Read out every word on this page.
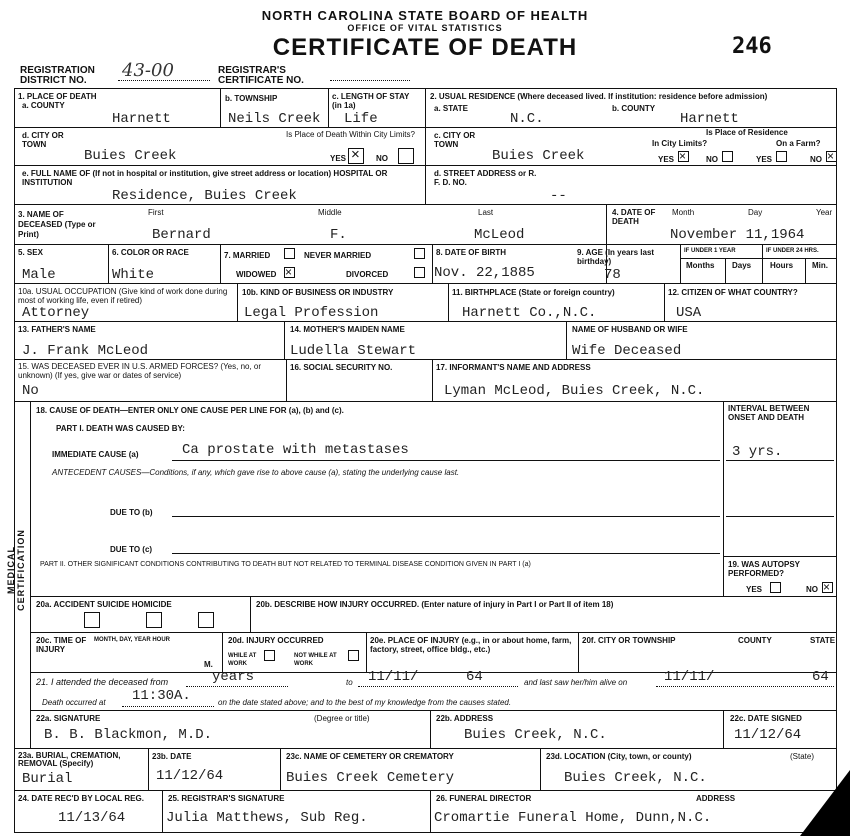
NORTH CAROLINA STATE BOARD OF HEALTH
OFFICE OF VITAL STATISTICS
CERTIFICATE OF DEATH	246
REGISTRATION DISTRICT NO.	43-00	REGISTRAR'S CERTIFICATE NO.
1. PLACE OF DEATH
a. COUNTY
Harnett
b. TOWNSHIP
Neils Creek
c. LENGTH OF STAY (in 1a)
Life
d. CITY OR TOWN
Buies Creek
Is Place of Death Within City Limits?
YES × NO
e. FULL NAME OF (If not in hospital or institution, give street address or location) HOSPITAL OR INSTITUTION
Residence, Buies Creek
2. USUAL RESIDENCE (Where deceased lived. If institution: residence before admission)
a. STATE
N.C.
b. COUNTY
Harnett
c. CITY OR TOWN
Buies Creek
Is Place of Residence
In City Limits?	On a Farm?
YES × NO	YES	NO ×
d. STREET ADDRESS or R. F. D. NO.
--
3. NAME OF DECEASED (Type or Print)
First	Middle	Last
Bernard	F.	McLeod
4. DATE OF DEATH
Month	Day	Year
November 11,1964
5. SEX
Male
6. COLOR OR RACE
White
7. MARRIED	NEVER MARRIED
WIDOWED ×	DIVORCED
8. DATE OF BIRTH
Nov. 22,1885
9. AGE (In years last birthday)
78
IF UNDER 1 YEAR	IF UNDER 24 HRS.
Months Days Hours Min.
10a. USUAL OCCUPATION (Give kind of work done during most of working life, even if retired)
Attorney
10b. KIND OF BUSINESS OR INDUSTRY
Legal Profession
11. BIRTHPLACE (State or foreign country)
Harnett Co.,N.C.
12. CITIZEN OF WHAT COUNTRY?
USA
13. FATHER'S NAME
J. Frank McLeod
14. MOTHER'S MAIDEN NAME
Ludella Stewart
NAME OF HUSBAND OR WIFE
Wife Deceased
15. WAS DECEASED EVER IN U.S. ARMED FORCES? (Yes, no, or unknown) (If yes, give war or dates of service)
No
16. SOCIAL SECURITY NO.	17. INFORMANT'S NAME AND ADDRESS
Lyman McLeod, Buies Creek, N.C.
MEDICAL CERTIFICATION
18. CAUSE OF DEATH—ENTER ONLY ONE CAUSE PER LINE FOR (a), (b) and (c).	INTERVAL BETWEEN ONSET AND DEATH
PART I. DEATH WAS CAUSED BY:
IMMEDIATE CAUSE (a)	Ca prostate with metastases	3 yrs.
ANTECEDENT CAUSES—Conditions, if any, which gave rise to above cause (a), stating the underlying cause last.
DUE TO (b)
DUE TO (c)
PART II. OTHER SIGNIFICANT CONDITIONS CONTRIBUTING TO DEATH BUT NOT RELATED TO TERMINAL DISEASE CONDITION GIVEN IN PART I (a)	19. WAS AUTOPSY PERFORMED?
YES	NO ×
20a. ACCIDENT SUICIDE HOMICIDE	20b. DESCRIBE HOW INJURY OCCURRED. (Enter nature of injury in Part I or Part II of item 18)
20c. TIME OF INJURY
MONTH, DAY, YEAR HOUR
M.
20d. INJURY OCCURRED
WHILE AT WORK
NOT WHILE AT WORK
20e. PLACE OF INJURY (e.g., in or about home, farm, factory, street, office bldg., etc.)
20f. CITY OR TOWNSHIP	COUNTY	STATE
21. I attended the deceased from	years	to 11/11/	64	and last saw her/him alive on	11/11/	64
Death occurred at 11:30A.	on the date stated above; and to the best of my knowledge from the causes stated.
22a. SIGNATURE	(Degree or title)
B. B. Blackmon, M.D.
22b. ADDRESS
Buies Creek, N.C.
22c. DATE SIGNED
11/12/64
23a. BURIAL, CREMATION, REMOVAL (Specify)
Burial
23b. DATE
11/12/64
23c. NAME OF CEMETERY OR CREMATORY
Buies Creek Cemetery
23d. LOCATION (City, town, or county)	(State)
Buies Creek, N.C.
24. DATE REC'D BY LOCAL REG.
11/13/64
25. REGISTRAR'S SIGNATURE
Julia Matthews, Sub Reg.
26. FUNERAL DIRECTOR	ADDRESS
Cromartie Funeral Home, Dunn,N.C.
